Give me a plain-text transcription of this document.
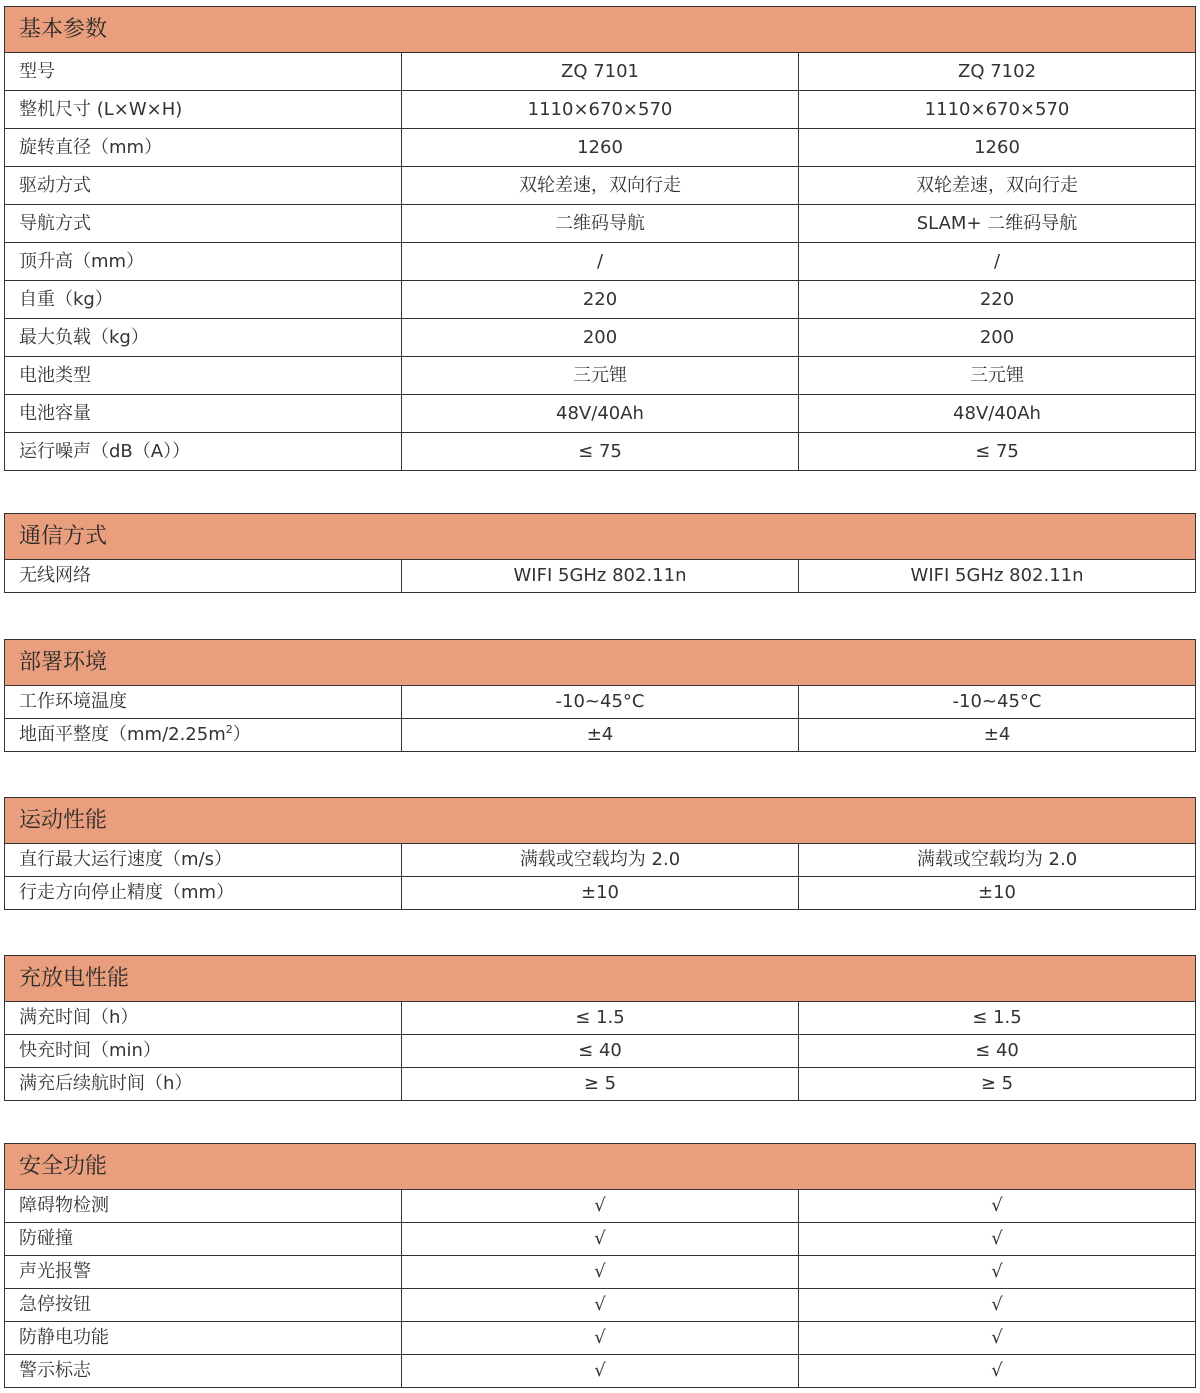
基本参数		
型号	ZQ 7101	ZQ 7102
整机尺寸 (L×W×H)	1110×670×570	1110×670×570
旋转直径（mm）	1260	1260
驱动方式	双轮差速，双向行走	双轮差速，双向行走
导航方式	二维码导航	SLAM+ 二维码导航
顶升高（mm）	/	/
自重（kg）	220	220
最大负载（kg）	200	200
电池类型	三元锂	三元锂
电池容量	48V/40Ah	48V/40Ah
运行噪声（dB（A））	≤ 75	≤ 75
通信方式
无线网络	WIFI 5GHz 802.11n	WIFI 5GHz 802.11n
部署环境		
工作环境温度	-10~45°C	-10~45°C
地面平整度$(mm/2.25m^2)$	±4	±4
运动性能		
直行最大运行速度（m/s）	满载或空载均为 2.0	满载或空载均为 2.0
行走方向停止精度（mm）	±10	±10
充放电性能		
满充时间（h）	≤ 1.5	≤ 1.5
快充时间（min）	≤ 40	≤ 40
满充后续航时间（h）	≥ 5	≥ 5
安全功能		
障碍物检测	√	√
防碰撞	√	√
声光报警	√	√
急停按钮	√	√
防静电功能	√	√
警示标志	√	√
